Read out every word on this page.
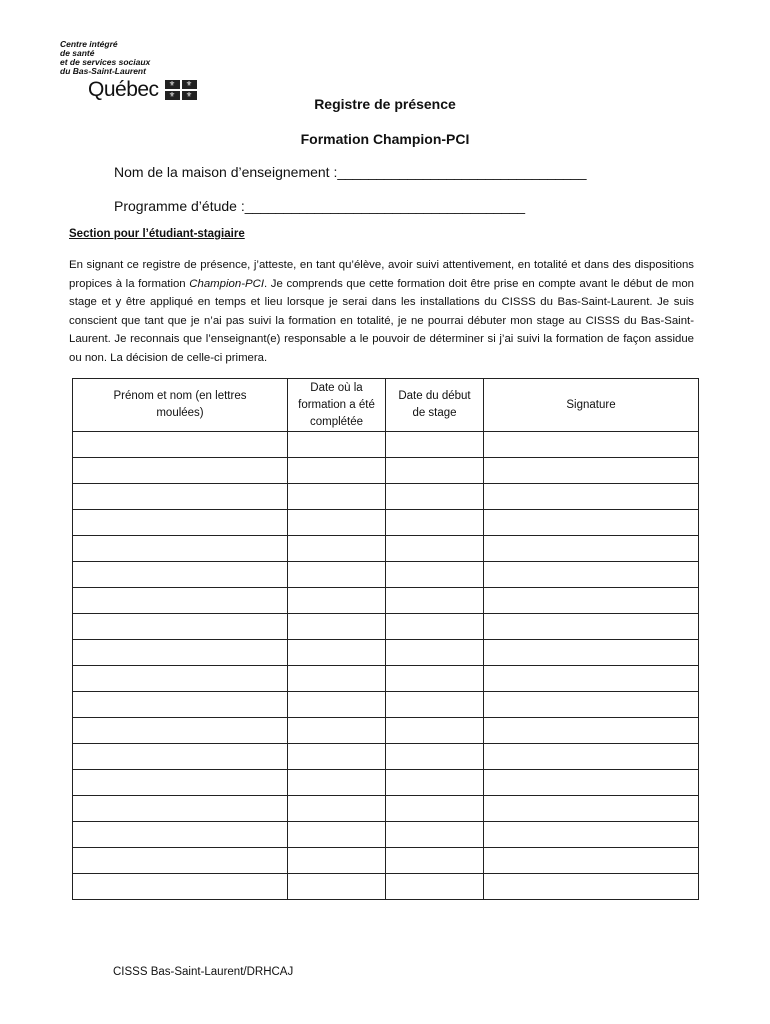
Centre intégré
de santé
et de services sociaux
du Bas-Saint-Laurent
Québec	⚜	⚜
⚜	⚜
Registre de présence
Formation Champion-PCI
Nom de la maison d’enseignement :________________________________
Programme d’étude :____________________________________
Section pour l’étudiant-stagiaire
En signant ce registre de présence, j’atteste, en tant qu’élève, avoir suivi attentivement, en totalité et dans des dispositions propices à la formation Champion-PCI. Je comprends que cette formation doit être prise en compte avant le début de mon stage et y être appliqué en temps et lieu lorsque je serai dans les installations du CISSS du Bas-Saint-Laurent. Je suis conscient que tant que je n’ai pas suivi la formation en totalité, je ne pourrai débuter mon stage au CISSS du Bas-Saint-Laurent. Je reconnais que l’enseignant(e) responsable a le pouvoir de déterminer si j’ai suivi la formation de façon assidue ou non. La décision de celle-ci primera.
Prénom et nom (en lettres moulées)	Date où la formation a été complétée	Date du début de stage	Signature

CISSS Bas-Saint-Laurent/DRHCAJ
